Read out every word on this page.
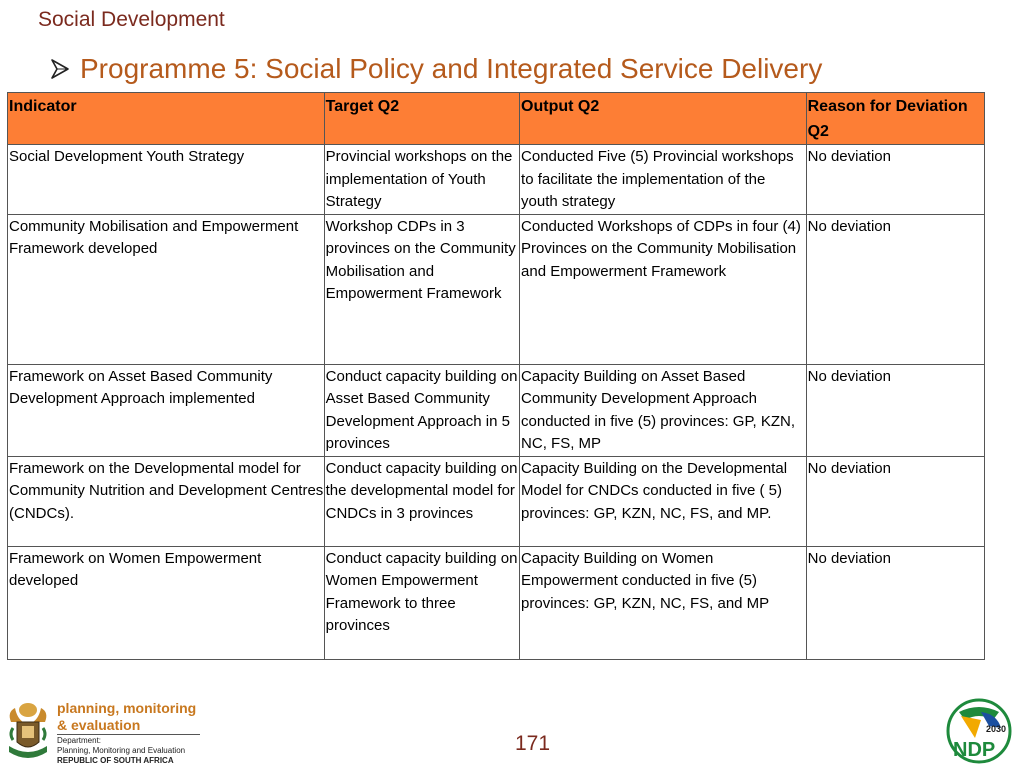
Social Development
Programme 5: Social Policy and Integrated Service Delivery
Indicator	Target Q2	Output Q2	Reason for Deviation Q2
Social Development Youth Strategy	Provincial workshops on the implementation of Youth Strategy	Conducted Five (5) Provincial workshops to facilitate the implementation of the youth strategy	No deviation
Community Mobilisation and Empowerment Framework developed	Workshop CDPs in 3 provinces on the Community Mobilisation and Empowerment Framework	Conducted Workshops of CDPs in four (4) Provinces on the Community Mobilisation and Empowerment Framework	No deviation
Framework on Asset Based Community Development Approach implemented	Conduct capacity building on Asset Based Community Development Approach in 5 provinces	Capacity Building on Asset Based Community Development Approach conducted in five (5) provinces: GP, KZN, NC, FS, MP	No deviation
Framework on the Developmental model for Community Nutrition and Development Centres (CNDCs).	Conduct capacity building on the developmental model for CNDCs in 3 provinces	Capacity Building on the Developmental Model for CNDCs conducted in five ( 5) provinces: GP, KZN, NC, FS, and MP.	No deviation
Framework on Women Empowerment developed	Conduct capacity building on Women Empowerment Framework to three provinces	Capacity Building on Women Empowerment conducted in five (5) provinces: GP, KZN, NC, FS, and MP	No deviation
planning, monitoring
& evaluation
Department:
Planning, Monitoring and Evaluation
REPUBLIC OF SOUTH AFRICA
171
2030
NDP
